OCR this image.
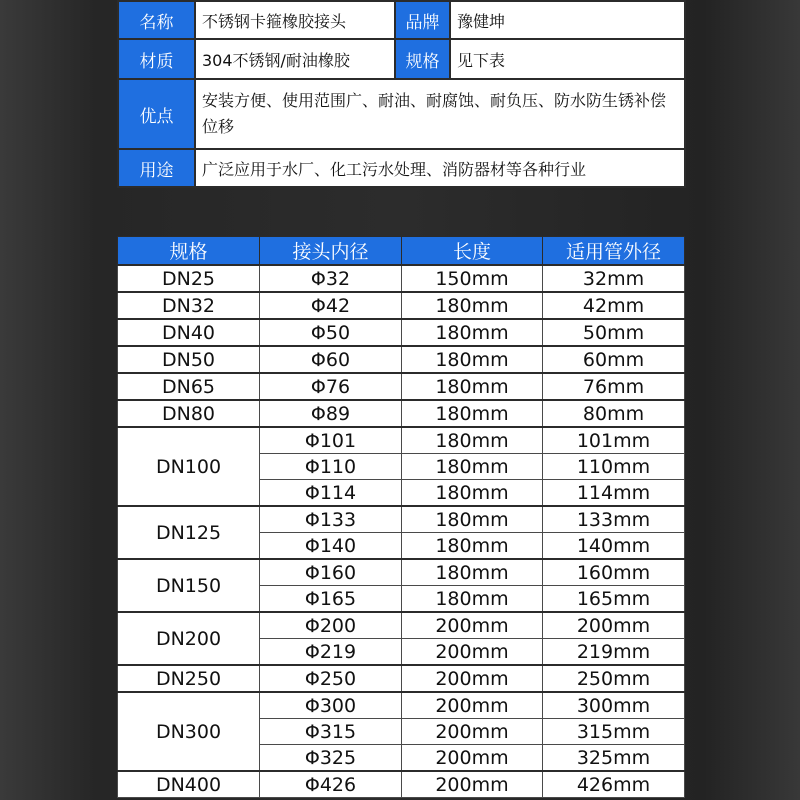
名称	不锈钢卡箍橡胶接头	品牌	豫健坤
材质	304不锈钢/耐油橡胶	规格	见下表
优点	安装方便、使用范围广、耐油、耐腐蚀、耐负压、防水防生锈补偿位移		
用途	广泛应用于水厂、化工污水处理、消防器材等各种行业		
规格	接头内径	长度	适用管外径
DN25	Φ32	150mm	32mm
DN32	Φ42	180mm	42mm
DN40	Φ50	180mm	50mm
DN50	Φ60	180mm	60mm
DN65	Φ76	180mm	76mm
DN80	Φ89	180mm	80mm
DN100	Φ101	180mm	101mm
	Φ110	180mm	110mm
	Φ114	180mm	114mm
DN125	Φ133	180mm	133mm
	Φ140	180mm	140mm
DN150	Φ160	180mm	160mm
	Φ165	180mm	165mm
DN200	Φ200	200mm	200mm
	Φ219	200mm	219mm
DN250	Φ250	200mm	250mm
DN300	Φ300	200mm	300mm
	Φ315	200mm	315mm
	Φ325	200mm	325mm
DN400	Φ426	200mm	426mm
